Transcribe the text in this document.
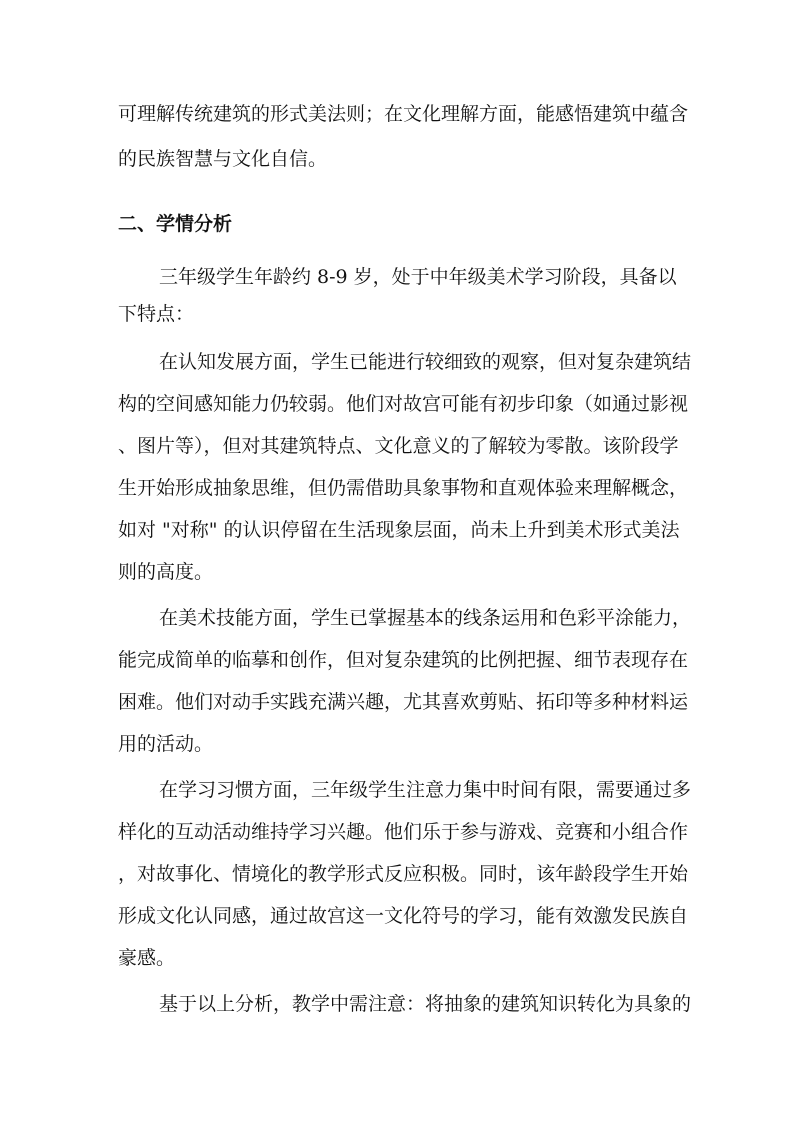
可理解传统建筑的形式美法则；在文化理解方面，能感悟建筑中蕴含

的民族智慧与文化自信。

二、学情分析

三年级学生年龄约 8-9 岁，处于中年级美术学习阶段，具备以

下特点：

在认知发展方面，学生已能进行较细致的观察，但对复杂建筑结

构的空间感知能力仍较弱。他们对故宫可能有初步印象（如通过影视

、图片等），但对其建筑特点、文化意义的了解较为零散。该阶段学

生开始形成抽象思维，但仍需借助具象事物和直观体验来理解概念，

如对 "对称" 的认识停留在生活现象层面，尚未上升到美术形式美法

则的高度。

在美术技能方面，学生已掌握基本的线条运用和色彩平涂能力，

能完成简单的临摹和创作，但对复杂建筑的比例把握、细节表现存在

困难。他们对动手实践充满兴趣，尤其喜欢剪贴、拓印等多种材料运

用的活动。

在学习习惯方面，三年级学生注意力集中时间有限，需要通过多

样化的互动活动维持学习兴趣。他们乐于参与游戏、竞赛和小组合作

，对故事化、情境化的教学形式反应积极。同时，该年龄段学生开始

形成文化认同感，通过故宫这一文化符号的学习，能有效激发民族自

豪感。

基于以上分析，教学中需注意：将抽象的建筑知识转化为具象的
